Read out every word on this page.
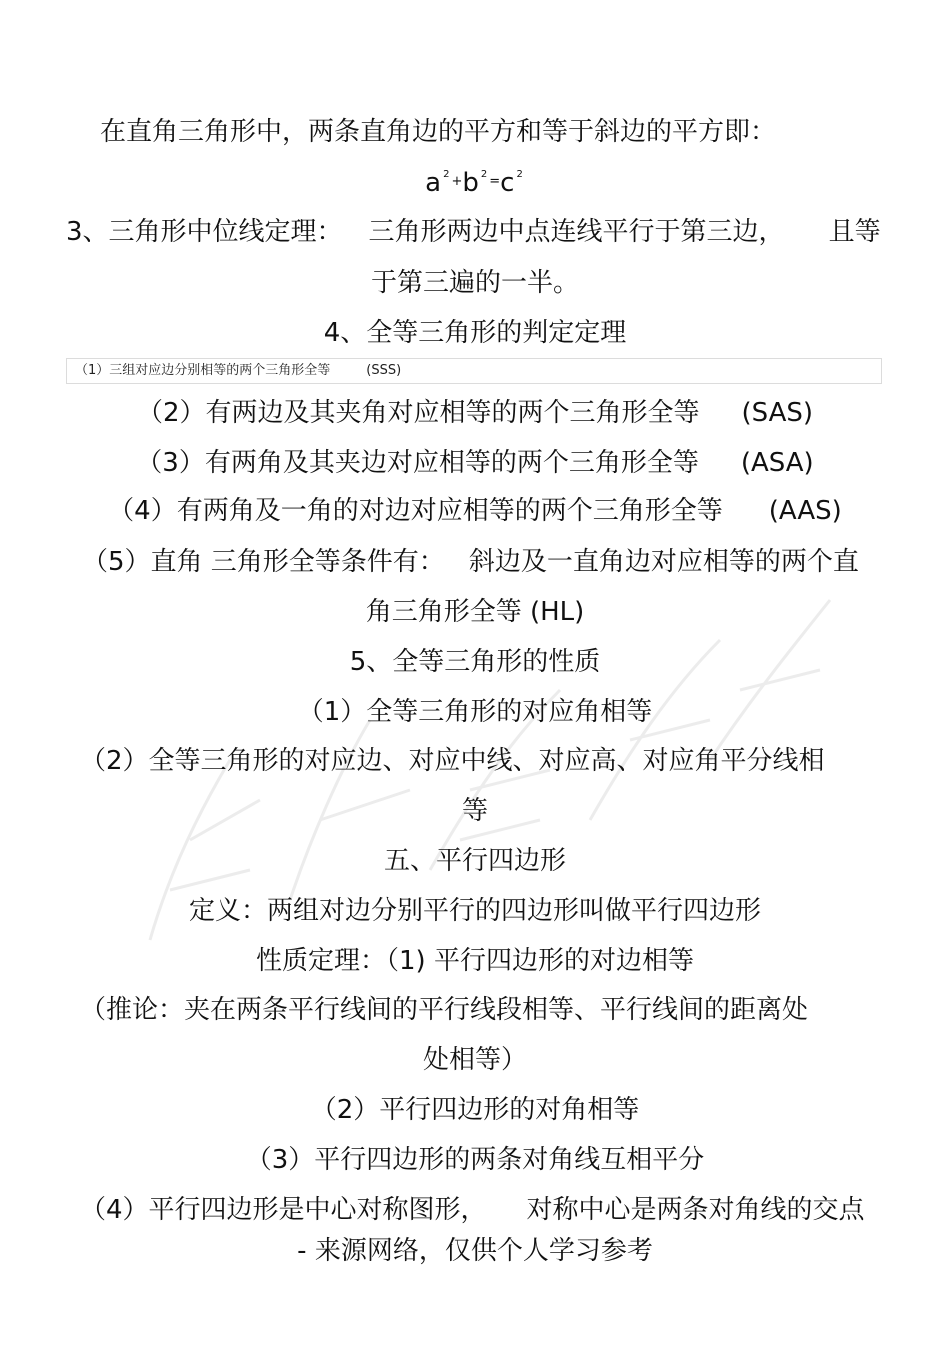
在直角三角形中，两条直角边的平方和等于斜边的平方即：
a $^2$ +b $^2$ =c $^2$
3、三角形中位线定理： 三角形两边中点连线平行于第三边， 且等
于第三遍的一半。
4、全等三角形的判定定理
（1）三组对应边分别相等的两个三角形全等	(SSS)
（2）有两边及其夹角对应相等的两个三角形全等 (SAS)
（3）有两角及其夹边对应相等的两个三角形全等 (ASA)
（4）有两角及一角的对边对应相等的两个三角形全等 (AAS)
（5）直角 三角形全等条件有： 斜边及一直角边对应相等的两个直
角三角形全等 (HL)
5、全等三角形的性质
（1）全等三角形的对应角相等
（2）全等三角形的对应边、对应中线、对应高、对应角平分线相
等
五、平行四边形
定义：两组对边分别平行的四边形叫做平行四边形
性质定理：（1) 平行四边形的对边相等
（推论：夹在两条平行线间的平行线段相等、平行线间的距离处
处相等）
（2）平行四边形的对角相等
（3）平行四边形的两条对角线互相平分
（4）平行四边形是中心对称图形， 对称中心是两条对角线的交点
- 来源网络，仅供个人学习参考
